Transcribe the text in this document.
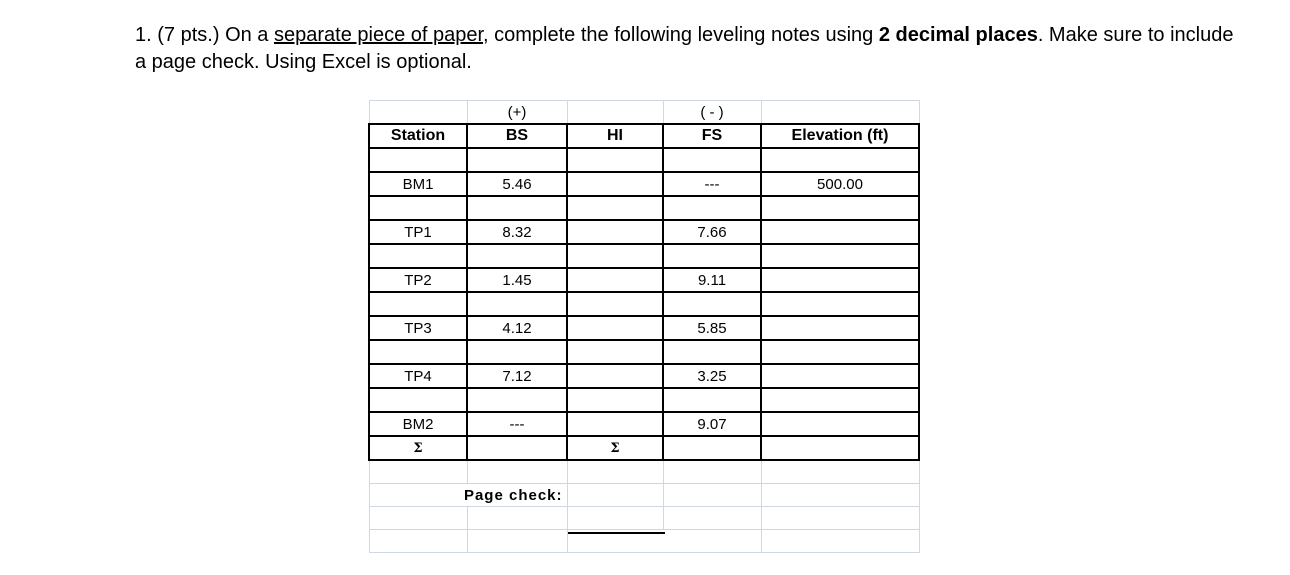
1. (7 pts.) On a separate piece of paper, complete the following leveling notes using 2 decimal places. Make sure to include a page check. Using Excel is optional.
	(+)		( - )	
Station	BS	HI	FS	Elevation (ft)

BM1	5.46		---	500.00

TP1	8.32		7.66	

TP2	1.45		9.11	

TP3	4.12		5.85	

TP4	7.12		3.25	

BM2	---		9.07	
Σ		Σ		

Page check:				
